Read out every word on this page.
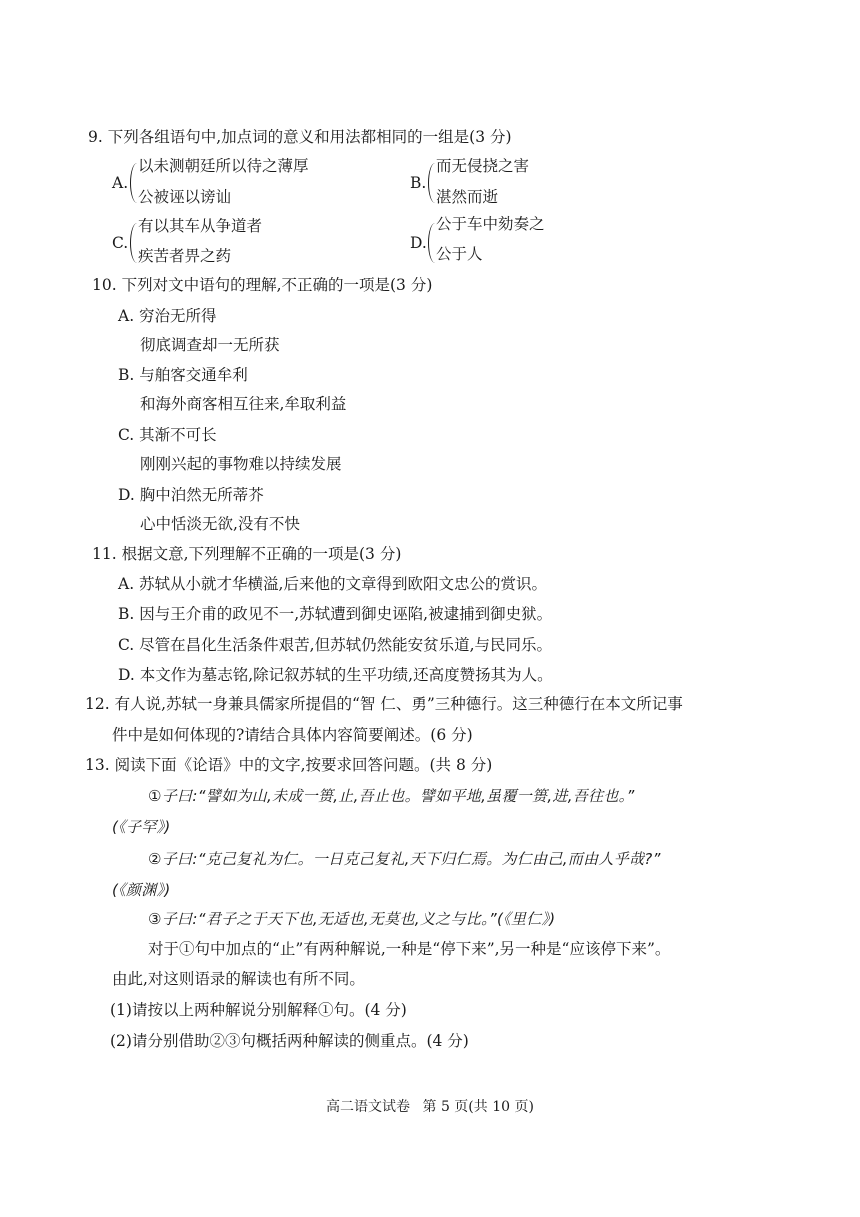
9. 下列各组语句中,加点词的意义和用法都相同的一组是(3 分)
A.
以未测朝廷所以待之薄厚
公被诬以谤讪
B.
而无侵挠之害
湛然而逝
C.
有以其车从争道者
疾苦者畀之药
D.
公于车中劾奏之
公于人
10. 下列对文中语句的理解,不正确的一项是(3 分)
A. 穷治无所得
彻底调查却一无所获
B. 与舶客交通牟利
和海外商客相互往来,牟取利益
C. 其渐不可长
刚刚兴起的事物难以持续发展
D. 胸中泊然无所蒂芥
心中恬淡无欲,没有不快
11. 根据文意,下列理解不正确的一项是(3 分)
A. 苏轼从小就才华横溢,后来他的文章得到欧阳文忠公的赏识。
B. 因与王介甫的政见不一,苏轼遭到御史诬陷,被逮捕到御史狱。
C. 尽管在昌化生活条件艰苦,但苏轼仍然能安贫乐道,与民同乐。
D. 本文作为墓志铭,除记叙苏轼的生平功绩,还高度赞扬其为人。
12. 有人说,苏轼一身兼具儒家所提倡的“智 仁、勇”三种德行。这三种德行在本文所记事
件中是如何体现的?请结合具体内容简要阐述。(6 分)
13. 阅读下面《论语》中的文字,按要求回答问题。(共 8 分)
①子曰:“譬如为山,未成一篑,止,吾止也。譬如平地,虽覆一篑,进,吾往也。”
(《子罕》)
②子曰:“克己复礼为仁。一日克己复礼,天下归仁焉。为仁由己,而由人乎哉?”
(《颜渊》)
③子曰:“君子之于天下也,无适也,无莫也,义之与比。”(《里仁》)
对于①句中加点的“止”有两种解说,一种是“停下来”,另一种是“应该停下来”。
由此,对这则语录的解读也有所不同。
(1)请按以上两种解说分别解释①句。(4 分)
(2)请分别借助②③句概括两种解读的侧重点。(4 分)
高二语文试卷 第 5 页(共 10 页)
